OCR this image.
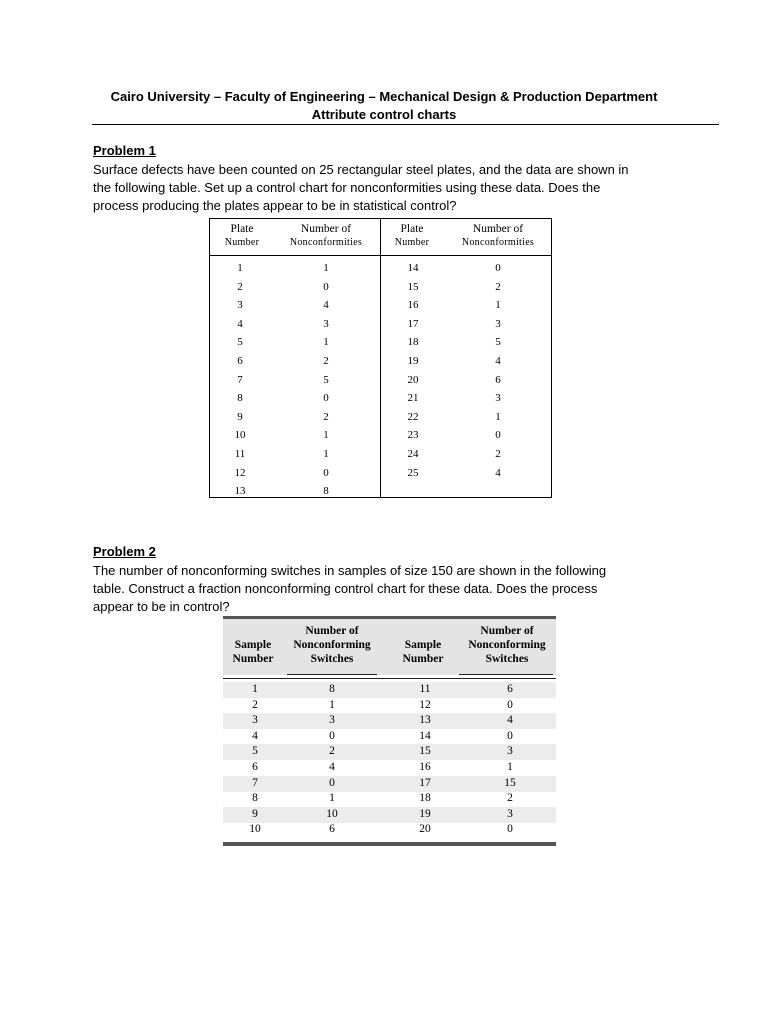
Cairo University – Faculty of Engineering – Mechanical Design & Production Department
Attribute control charts
Problem 1
Surface defects have been counted on 25 rectangular steel plates, and the data are shown in
the following table. Set up a control chart for nonconformities using these data. Does the
process producing the plates appear to be in statistical control?
Plate
Number
Number of
Nonconformities
Plate
Number
Number of
Nonconformities
1
2
3
4
5
6
7
8
9
10
11
12
13
1
0
4
3
1
2
5
0
2
1
1
0
8
14
15
16
17
18
19
20
21
22
23
24
25
0
2
1
3
5
4
6
3
1
0
2
4
Problem 2
The number of nonconforming switches in samples of size 150 are shown in the following
table. Construct a fraction nonconforming control chart for these data. Does the process
appear to be in control?
Sample
Number
Number of
Nonconforming
Switches
Sample
Number
Number of
Nonconforming
Switches
1
2
3
4
5
6
7
8
9
10
8
1
3
0
2
4
0
1
10
6
11
12
13
14
15
16
17
18
19
20
6
0
4
0
3
1
15
2
3
0
